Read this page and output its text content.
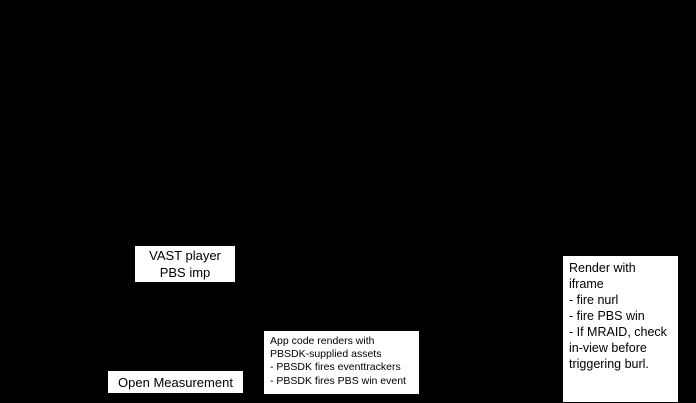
VAST player
PBS imp
Open Measurement
App code renders with
PBSDK-supplied assets
- PBSDK fires eventtrackers
- PBSDK fires PBS win event
Render with
iframe
- fire nurl
- fire PBS win
- If MRAID, check
in-view before
triggering burl.
